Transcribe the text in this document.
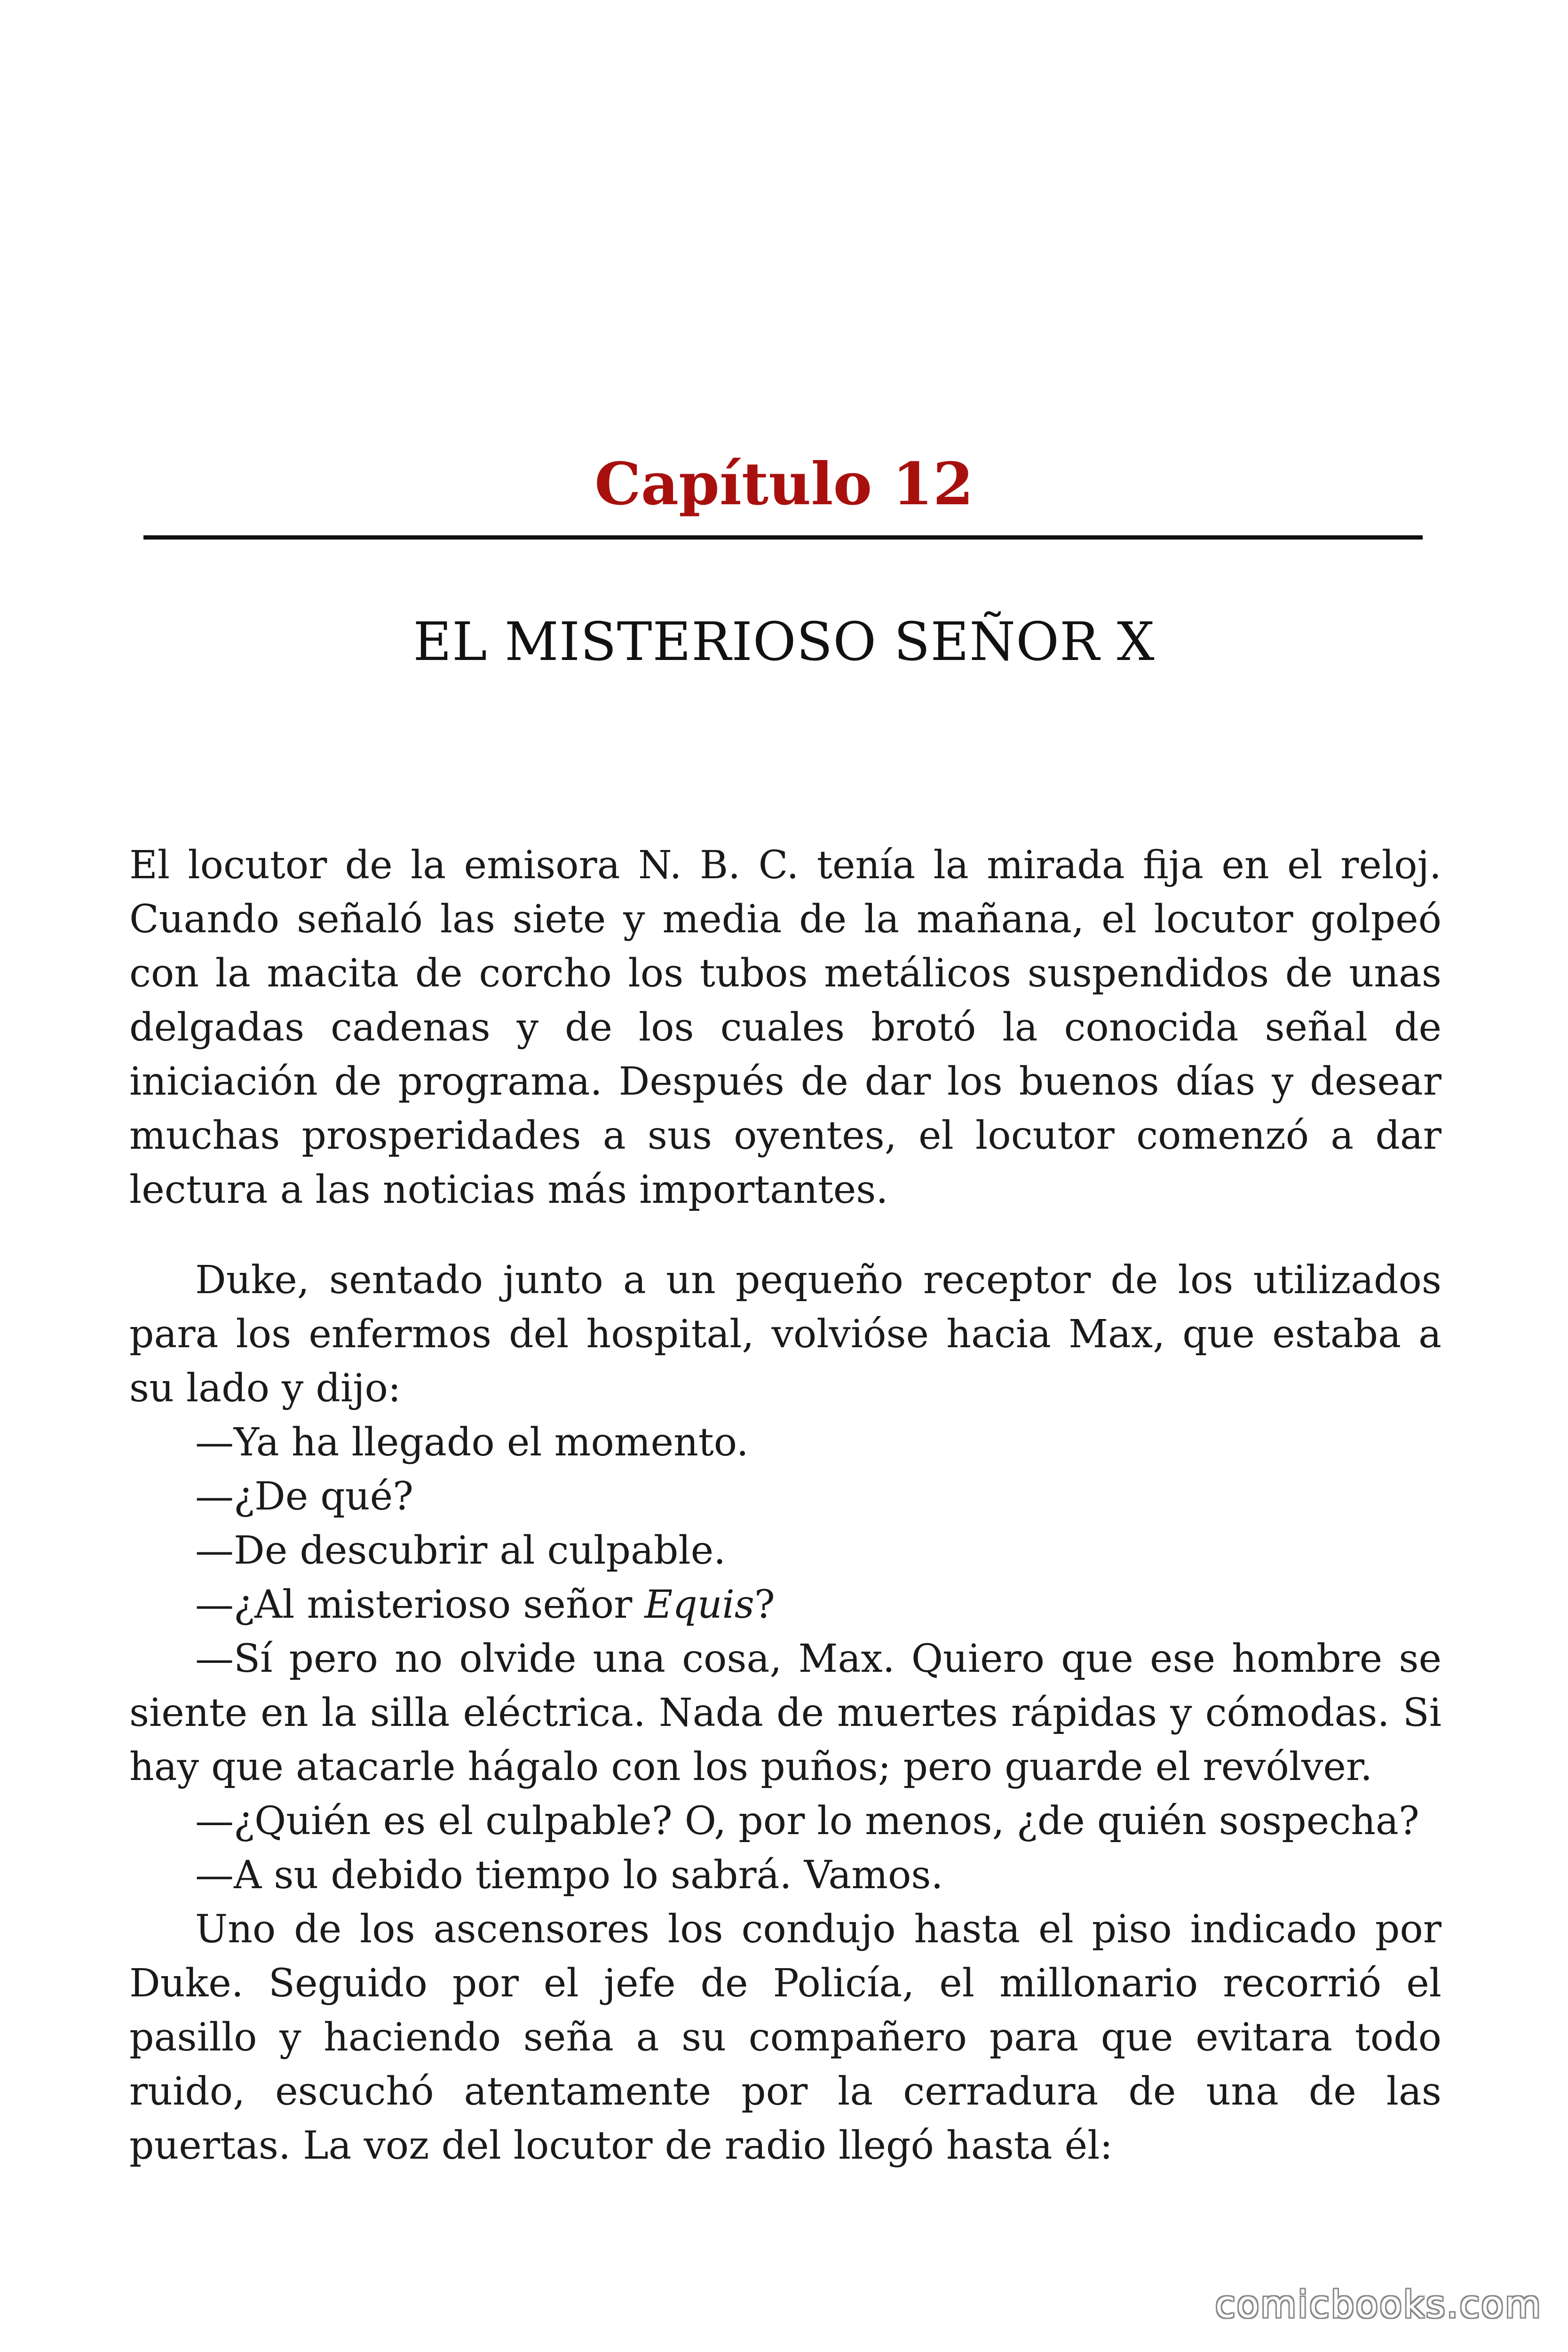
Capítulo 12
EL MISTERIOSO SEÑOR X

El locutor de la emisora N. B. C. tenía la mirada fija en el reloj. Cuando señaló las siete y media de la mañana, el locutor golpeó con la macita de corcho los tubos metálicos suspendidos de unas delgadas cadenas y de los cuales brotó la conocida señal de iniciación de programa. Después de dar los buenos días y desear muchas prosperidades a sus oyentes, el locutor comenzó a dar lectura a las noticias más importantes.

Duke, sentado junto a un pequeño receptor de los utilizados para los enfermos del hospital, volvióse hacia Max, que estaba a su lado y dijo:

—Ya ha llegado el momento.

—¿De qué?

—De descubrir al culpable.

—¿Al misterioso señor Equis?

—Sí pero no olvide una cosa, Max. Quiero que ese hombre se siente en la silla eléctrica. Nada de muertes rápidas y cómodas. Si hay que atacarle hágalo con los puños; pero guarde el revólver.

—¿Quién es el culpable? O, por lo menos, ¿de quién sospecha?

—A su debido tiempo lo sabrá. Vamos.

Uno de los ascensores los condujo hasta el piso indicado por Duke. Seguido por el jefe de Policía, el millonario recorrió el pasillo y haciendo seña a su compañero para que evitara todo ruido, escuchó atentamente por la cerradura de una de las puertas. La voz del locutor de radio llegó hasta él:

comicbooks.com
